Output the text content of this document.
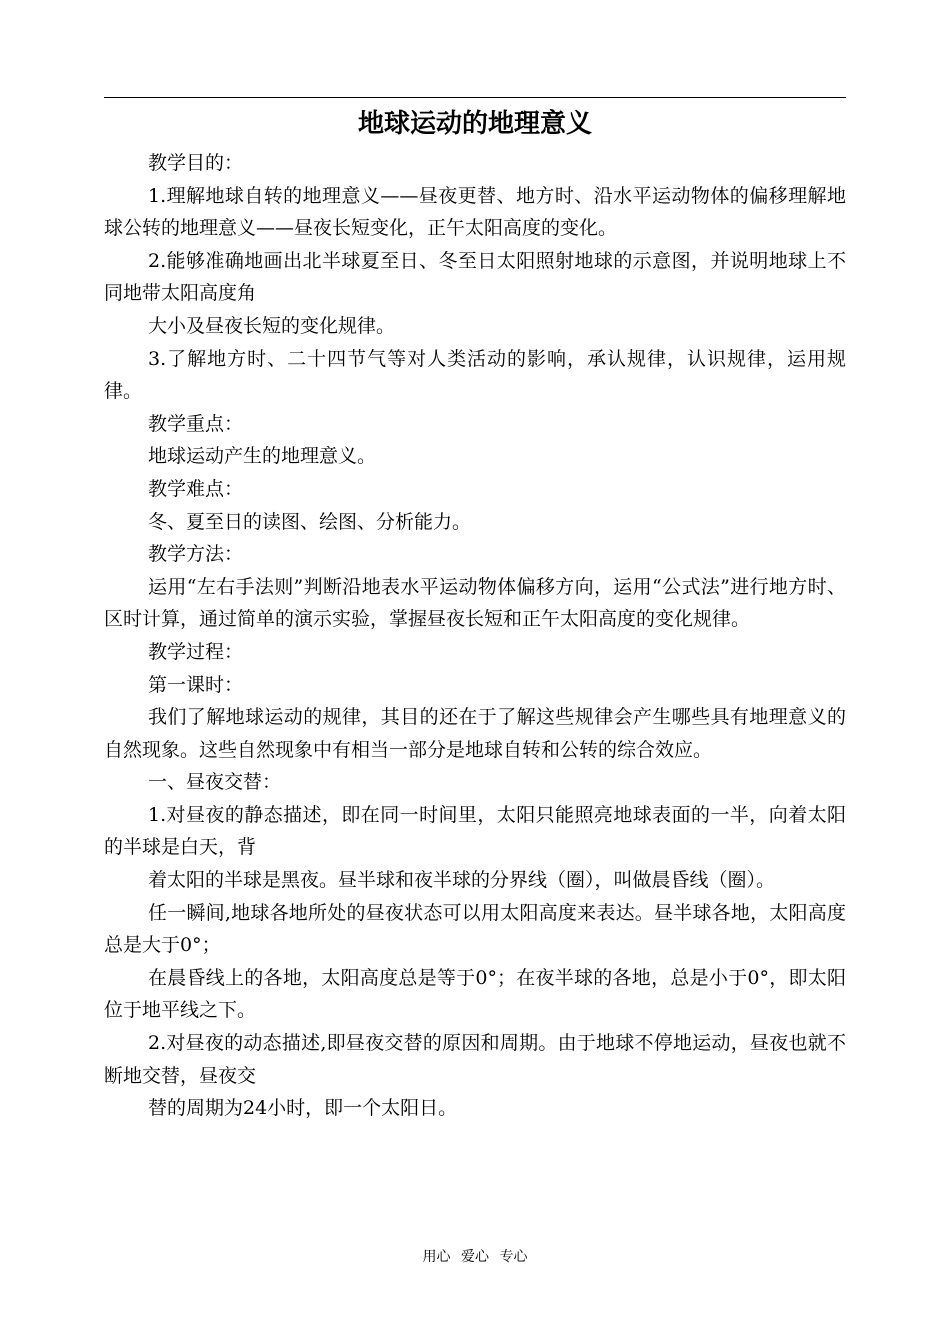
地球运动的地理意义

教学目的：

1.理解地球自转的地理意义——昼夜更替、地方时、沿水平运动物体的偏移理解地球公转的地理意义——昼夜长短变化，正午太阳高度的变化。

2.能够准确地画出北半球夏至日、冬至日太阳照射地球的示意图，并说明地球上不同地带太阳高度角

大小及昼夜长短的变化规律。

3.了解地方时、二十四节气等对人类活动的影响，承认规律，认识规律，运用规律。

教学重点：

地球运动产生的地理意义。

教学难点：

冬、夏至日的读图、绘图、分析能力。

教学方法：

运用“左右手法则”判断沿地表水平运动物体偏移方向，运用“公式法”进行地方时、区时计算，通过简单的演示实验，掌握昼夜长短和正午太阳高度的变化规律。

教学过程：

第一课时：

我们了解地球运动的规律，其目的还在于了解这些规律会产生哪些具有地理意义的自然现象。这些自然现象中有相当一部分是地球自转和公转的综合效应。

一、昼夜交替：

1.对昼夜的静态描述，即在同一时间里，太阳只能照亮地球表面的一半，向着太阳的半球是白天，背

着太阳的半球是黑夜。昼半球和夜半球的分界线（圈），叫做晨昏线（圈）。

任一瞬间,地球各地所处的昼夜状态可以用太阳高度来表达。昼半球各地，太阳高度总是大于0°；

在晨昏线上的各地，太阳高度总是等于0°；在夜半球的各地，总是小于0°，即太阳位于地平线之下。

2.对昼夜的动态描述,即昼夜交替的原因和周期。由于地球不停地运动，昼夜也就不断地交替，昼夜交

替的周期为24小时，即一个太阳日。

用心 爱心 专心
